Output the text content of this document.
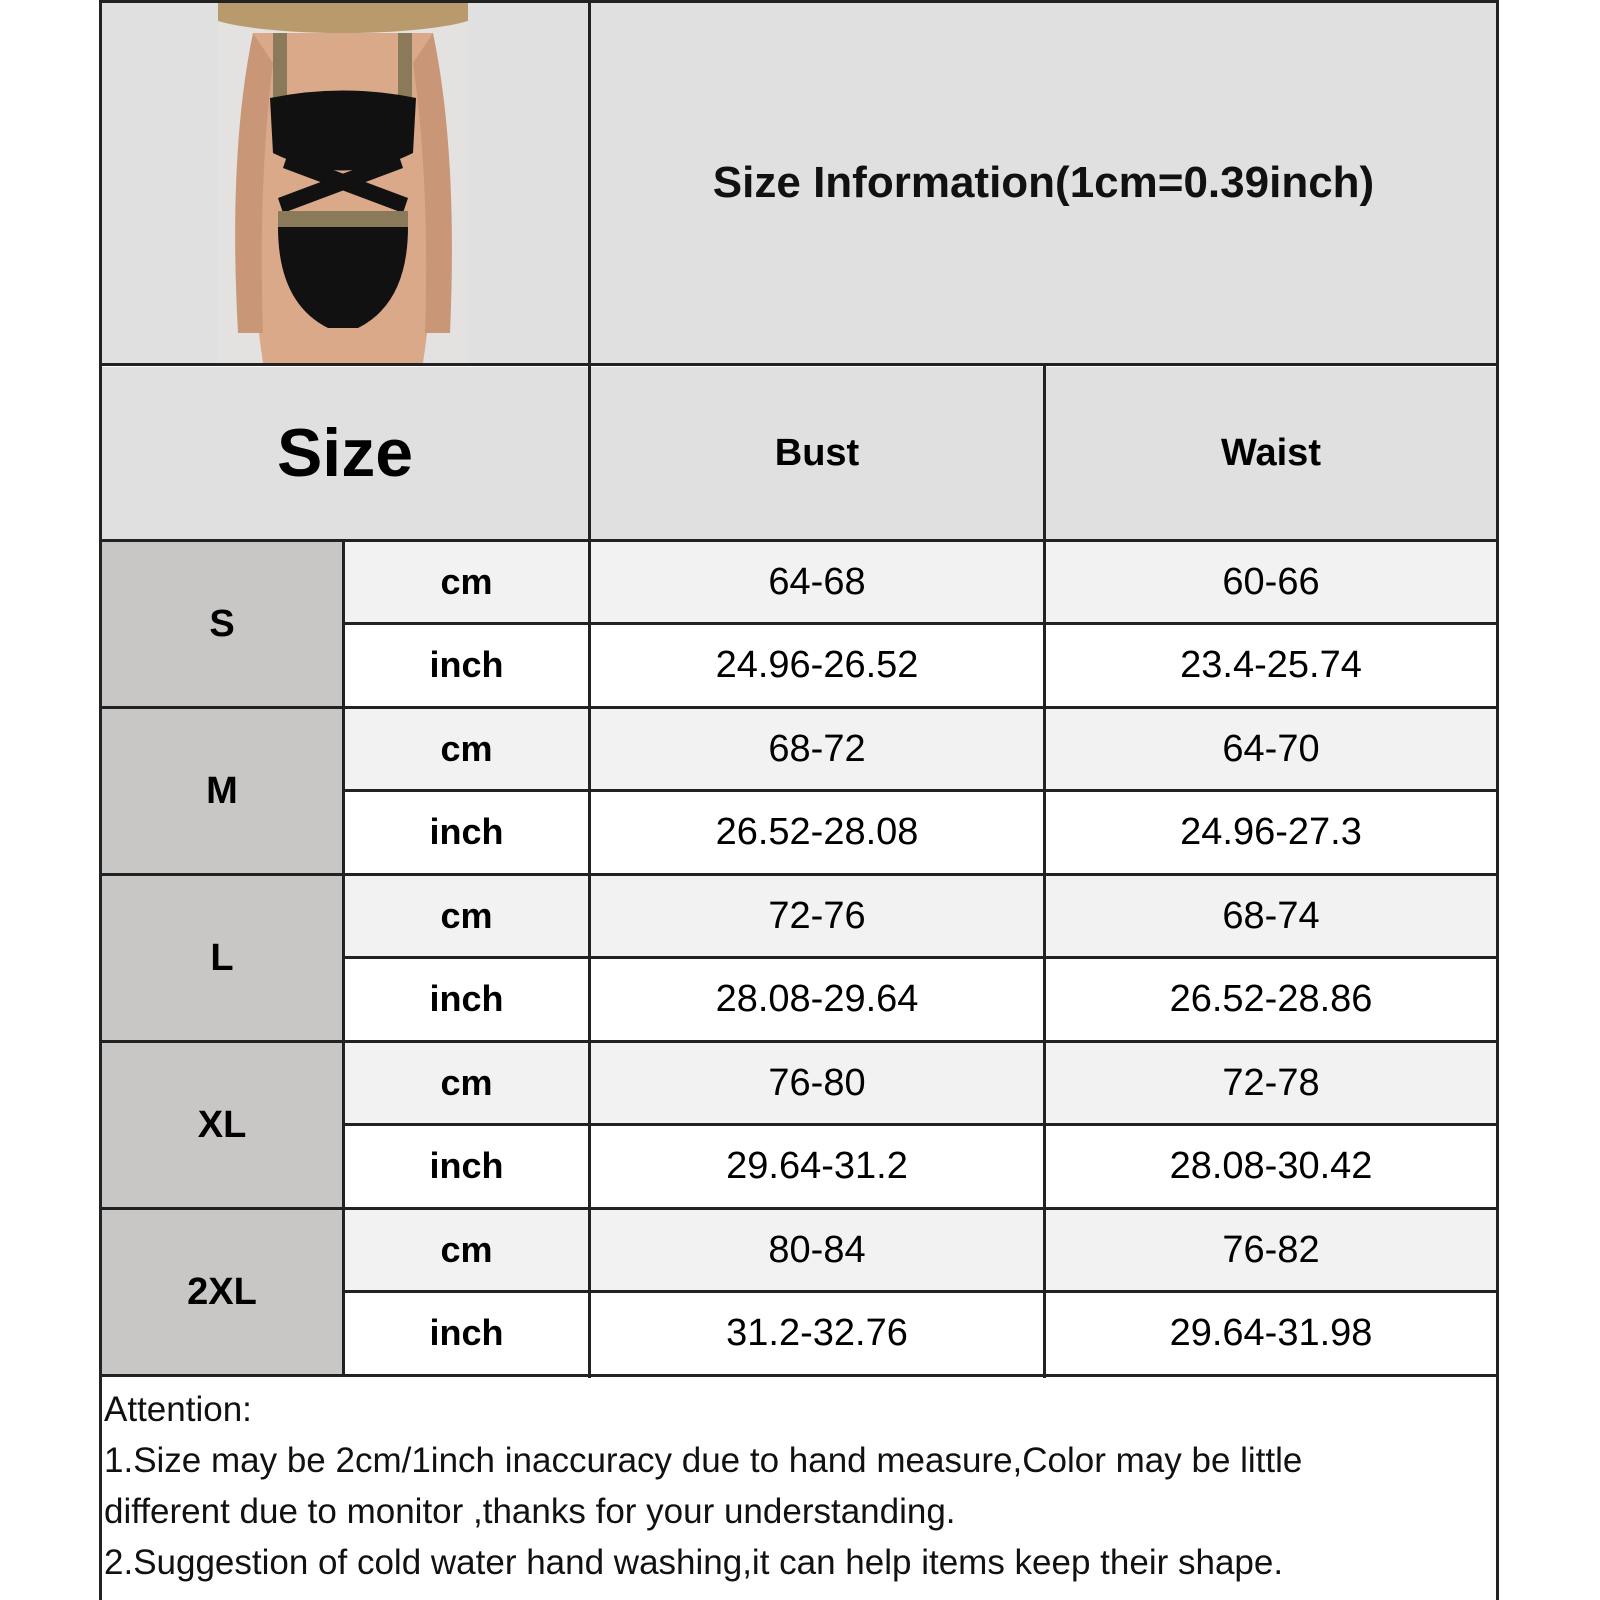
Size Information(1cm=0.39inch)
Size	Bust	Waist
S
cm	64-68	60-66
inch	24.96-26.52	23.4-25.74
M
cm	68-72	64-70
inch	26.52-28.08	24.96-27.3
L
cm	72-76	68-74
inch	28.08-29.64	26.52-28.86
XL
cm	76-80	72-78
inch	29.64-31.2	28.08-30.42
2XL
cm	80-84	76-82
inch	31.2-32.76	29.64-31.98
Attention:
1.Size may be 2cm/1inch inaccuracy due to hand measure,Color may be little
different due to monitor ,thanks for your understanding.
2.Suggestion of cold water hand washing,it can help items keep their shape.
